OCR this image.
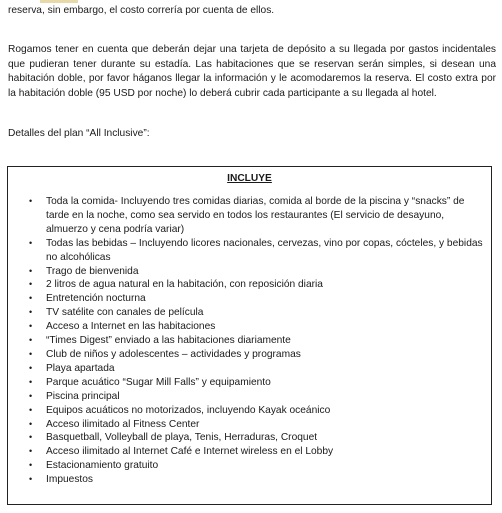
reserva, sin embargo, el costo correría por cuenta de ellos.

Rogamos tener en cuenta que deberán dejar una tarjeta de depósito a su llegada por gastos incidentales que pudieran tener durante su estadía. Las habitaciones que se reservan serán simples, si desean una habitación doble, por favor háganos llegar la información y le acomodaremos la reserva. El costo extra por la habitación doble (95 USD por noche) lo deberá cubrir cada participante a su llegada al hotel.

Detalles del plan “All Inclusive”:

INCLUYE
•	Toda la comida- Incluyendo tres comidas diarias, comida al borde de la piscina y “snacks” de tarde en la noche, como sea servido en todos los restaurantes (El servicio de desayuno, almuerzo y cena podría variar)
•	Todas las bebidas – Incluyendo licores nacionales, cervezas, vino por copas, cócteles, y bebidas no alcohólicas
•	Trago de bienvenida
•	2 litros de agua natural en la habitación, con reposición diaria
•	Entretención nocturna
•	TV satélite con canales de película
•	Acceso a Internet en las habitaciones
•	“Times Digest” enviado a las habitaciones diariamente
•	Club de niños y adolescentes – actividades y programas
•	Playa apartada
•	Parque acuático “Sugar Mill Falls” y equipamiento
•	Piscina principal
•	Equipos acuáticos no motorizados, incluyendo Kayak oceánico
•	Acceso ilimitado al Fitness Center
•	Basquetball, Volleyball de playa, Tenis, Herraduras, Croquet
•	Acceso ilimitado al Internet Café e Internet wireless en el Lobby
•	Estacionamiento gratuito
•	Impuestos
